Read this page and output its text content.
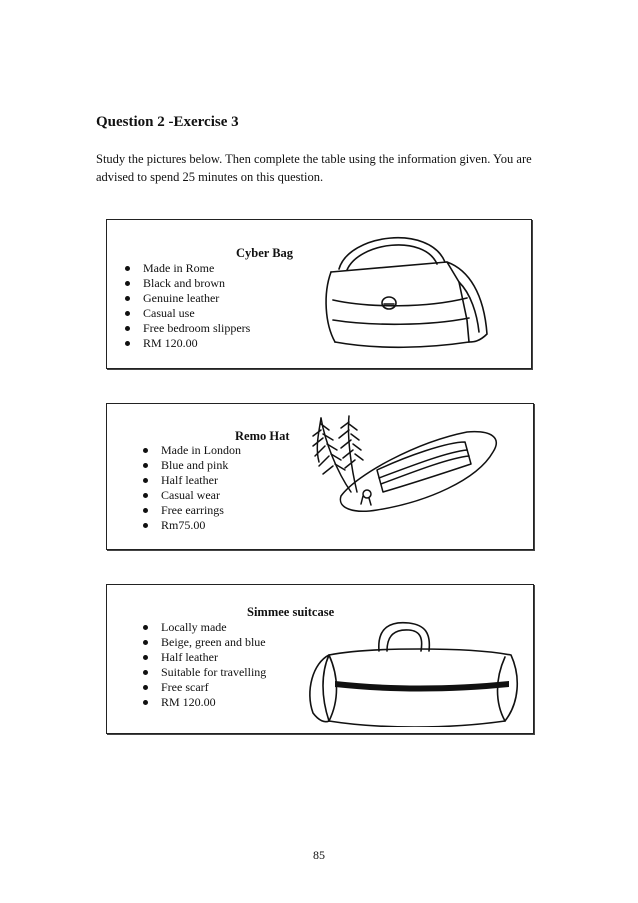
Question 2 -Exercise 3
Study the pictures below. Then complete the table using the information given. You are advised to spend 25 minutes on this question.
Cyber Bag
Made in Rome
Black and brown
Genuine leather
Casual use
Free bedroom slippers
RM 120.00
Remo Hat
Made in London
Blue and pink
Half leather
Casual wear
Free earrings
Rm75.00
Simmee suitcase
Locally made
Beige, green and blue
Half leather
Suitable for travelling
Free scarf
RM 120.00
85
